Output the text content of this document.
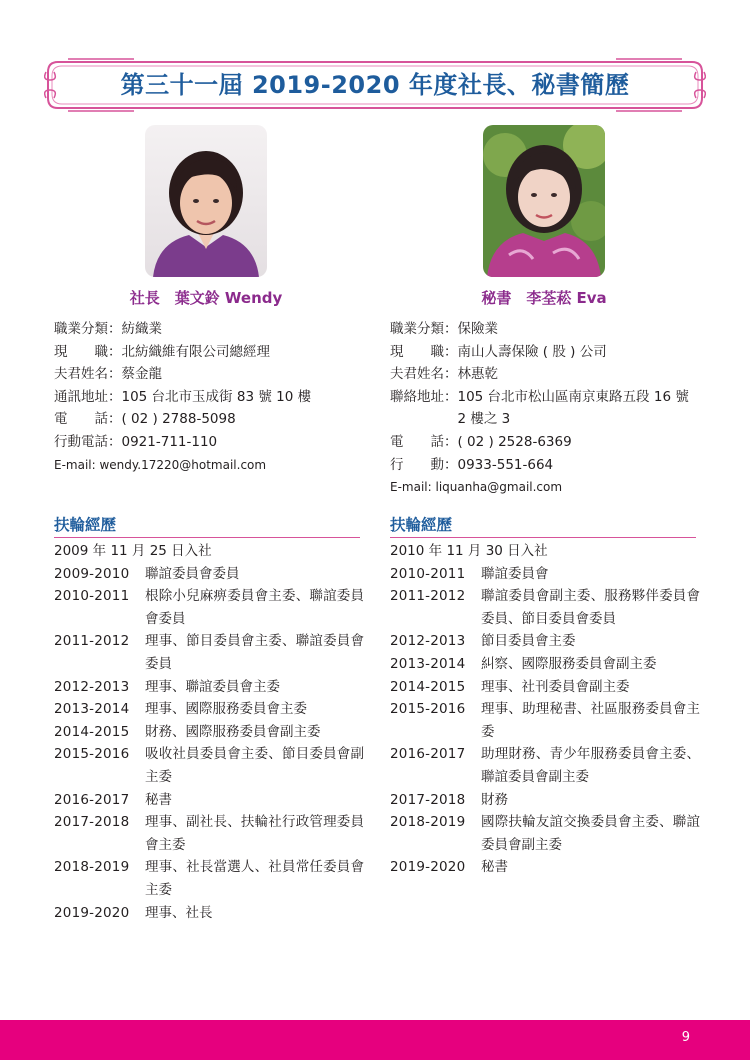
第三十一屆 2019-2020 年度社長、秘書簡歷
社長　葉文鈴 Wendy	秘書　李荃菘 Eva
職業分類： 紡織業
現　　職： 北紡織維有限公司總經理
夫君姓名： 蔡金龍
通訊地址： 105 台北市玉成街 83 號 10 樓
電　　話： ( 02 ) 2788-5098
行動電話： 0921-711-110
E-mail: wendy.17220@hotmail.com
職業分類： 保險業
現　　職： 南山人壽保險 ( 股 ) 公司
夫君姓名： 林惠乾
聯絡地址： 105 台北市松山區南京東路五段 16 號 2 樓之 3
電　　話： ( 02 ) 2528-6369
行　　動： 0933-551-664
E-mail: liquanha@gmail.com
扶輪經歷
2009 年 11 月 25 日入社
2009-2010	聯誼委員會委員
2010-2011	根除小兒麻痹委員會主委、聯誼委員會委員
2011-2012	理事、節目委員會主委、聯誼委員會委員
2012-2013	理事、聯誼委員會主委
2013-2014	理事、國際服務委員會主委
2014-2015	財務、國際服務委員會副主委
2015-2016	吸收社員委員會主委、節目委員會副主委
2016-2017	秘書
2017-2018	理事、副社長、扶輪社行政管理委員會主委
2018-2019	理事、社長當選人、社員常任委員會主委
2019-2020	理事、社長
扶輪經歷
2010 年 11 月 30 日入社
2010-2011	聯誼委員會
2011-2012	聯誼委員會副主委、服務夥伴委員會委員、節目委員會委員
2012-2013	節目委員會主委
2013-2014	糾察、國際服務委員會副主委
2014-2015	理事、社刊委員會副主委
2015-2016	理事、助理秘書、社區服務委員會主委
2016-2017	助理財務、青少年服務委員會主委、聯誼委員會副主委
2017-2018	財務
2018-2019	國際扶輪友誼交換委員會主委、聯誼委員會副主委
2019-2020	秘書
9
